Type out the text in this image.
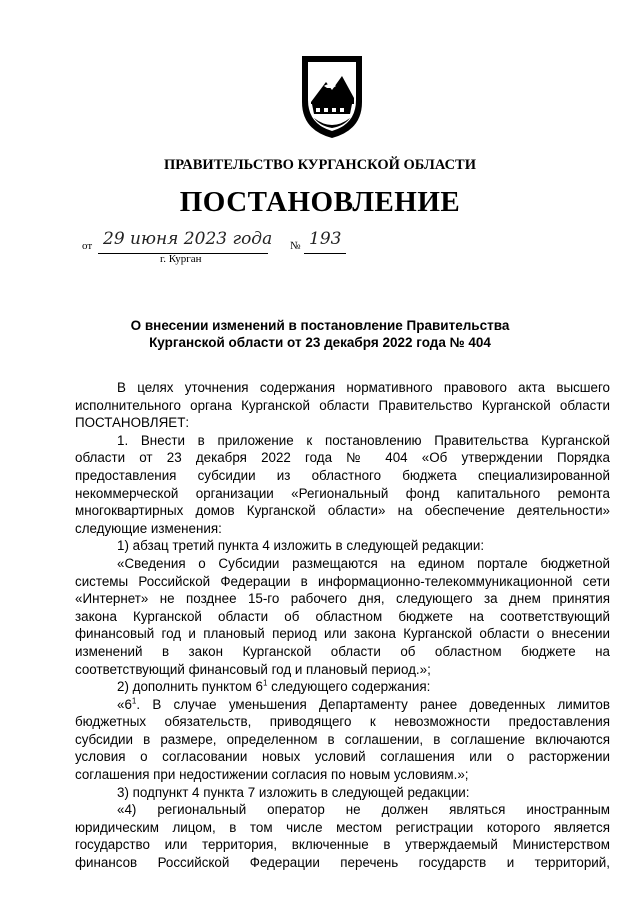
ПРАВИТЕЛЬСТВО КУРГАНСКОЙ ОБЛАСТИ
ПОСТАНОВЛЕНИЕ
от 29 июня 2023 года № 193
г. Курган
О внесении изменений в постановление Правительства
Курганской области от 23 декабря 2022 года № 404

В целях уточнения содержания нормативного правового акта высшего

исполнительного органа Курганской области Правительство Курганской области

ПОСТАНОВЛЯЕТ:

1. Внести в приложение к постановлению Правительства Курганской

области от 23 декабря 2022 года № 404 «Об утверждении Порядка

предоставления субсидии из областного бюджета специализированной

некоммерческой организации «Региональный фонд капитального ремонта

многоквартирных домов Курганской области» на обеспечение деятельности»

следующие изменения:

1) абзац третий пункта 4 изложить в следующей редакции:

«Сведения о Субсидии размещаются на едином портале бюджетной

системы Российской Федерации в информационно-телекоммуникационной сети

«Интернет» не позднее 15-го рабочего дня, следующего за днем принятия

закона Курганской области об областном бюджете на соответствующий

финансовый год и плановый период или закона Курганской области о внесении

изменений в закон Курганской области об областном бюджете на

соответствующий финансовый год и плановый период.»;

2) дополнить пунктом $6^1$ следующего содержания:

«$6^1$. В случае уменьшения Департаменту ранее доведенных лимитов

бюджетных обязательств, приводящего к невозможности предоставления

субсидии в размере, определенном в соглашении, в соглашение включаются

условия о согласовании новых условий соглашения или о расторжении

соглашения при недостижении согласия по новым условиям.»;

3) подпункт 4 пункта 7 изложить в следующей редакции:

«4) региональный оператор не должен являться иностранным

юридическим лицом, в том числе местом регистрации которого является

государство или территория, включенные в утверждаемый Министерством

финансов Российской Федерации перечень государств и территорий,
